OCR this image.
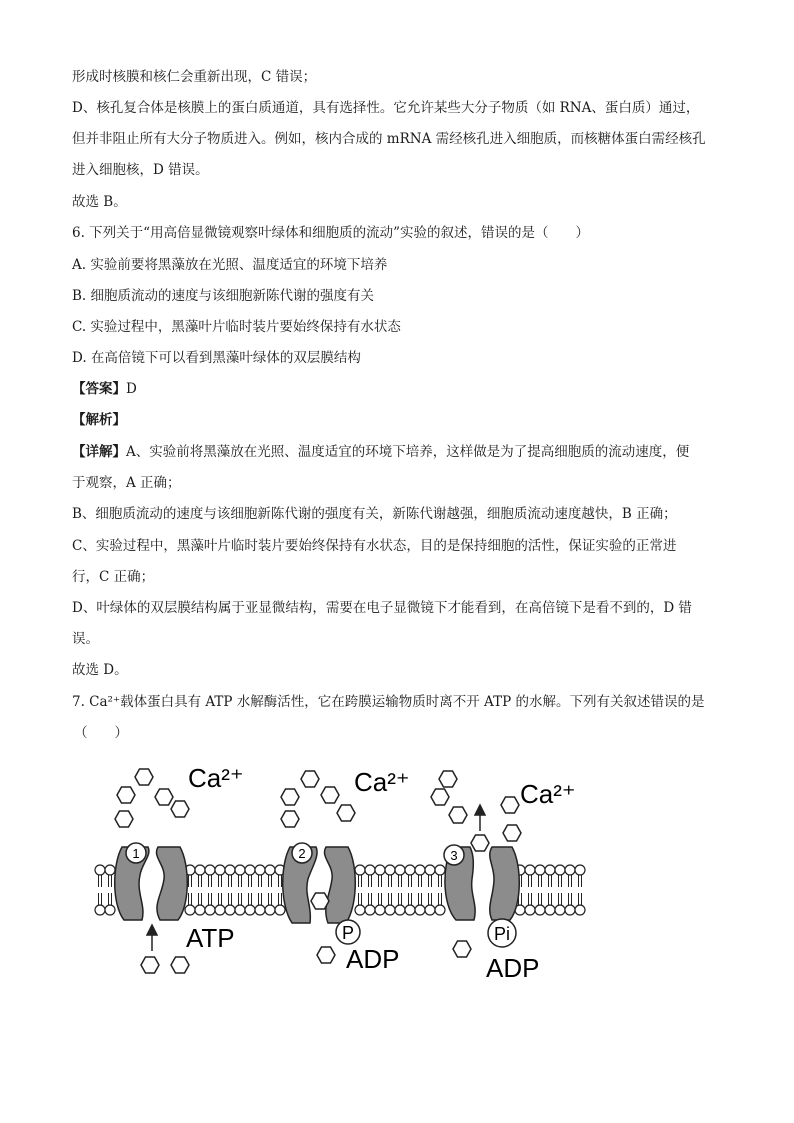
形成时核膜和核仁会重新出现，C 错误；
D、核孔复合体是核膜上的蛋白质通道，具有选择性。它允许某些大分子物质（如 RNA、蛋白质）通过，
但并非阻止所有大分子物质进入。例如，核内合成的 mRNA 需经核孔进入细胞质，而核糖体蛋白需经核孔
进入细胞核，D 错误。
故选 B。
6. 下列关于“用高倍显微镜观察叶绿体和细胞质的流动”实验的叙述，错误的是（　　）
A. 实验前要将黑藻放在光照、温度适宜的环境下培养
B. 细胞质流动的速度与该细胞新陈代谢的强度有关
C. 实验过程中，黑藻叶片临时装片要始终保持有水状态
D. 在高倍镜下可以看到黑藻叶绿体的双层膜结构
【答案】D
【解析】
【详解】A、实验前将黑藻放在光照、温度适宜的环境下培养，这样做是为了提高细胞质的流动速度，便
于观察，A 正确；
B、细胞质流动的速度与该细胞新陈代谢的强度有关，新陈代谢越强，细胞质流动速度越快，B 正确；
C、实验过程中，黑藻叶片临时装片要始终保持有水状态，目的是保持细胞的活性，保证实验的正常进
行，C 正确；
D、叶绿体的双层膜结构属于亚显微结构，需要在电子显微镜下才能看到，在高倍镜下是看不到的，D 错
误。
故选 D。
7. Ca²⁺载体蛋白具有 ATP 水解酶活性，它在跨膜运输物质时离不开 ATP 的水解。下列有关叙述错误的是
（　　）
1	2	3
Ca²⁺	Ca²⁺	Ca²⁺
P	Pi
ATP
ADP	ADP
